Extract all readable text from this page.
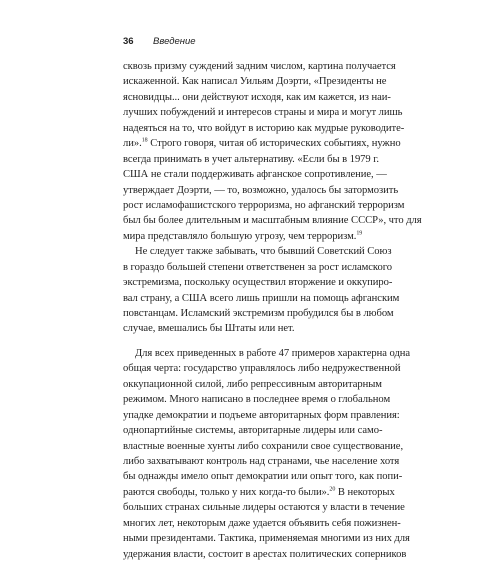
36 Введение
сквозь призму суждений задним числом, картина получается
искаженной. Как написал Уильям Доэрти, «Президенты не
ясновидцы... они действуют исходя, как им кажется, из наи-
лучших побуждений и интересов страны и мира и могут лишь
надеяться на то, что войдут в историю как мудрые руководите-
ли».$^{18}$ Строго говоря, читая об исторических событиях, нужно
всегда принимать в учет альтернативу. «Если бы в 1979 г.
США не стали поддерживать афганское сопротивление, —
утверждает Доэрти, — то, возможно, удалось бы затормозить
рост исламофашистского терроризма, но афганский терроризм
был бы более длительным и масштабным влияние СССР», что для
мира представляло большую угрозу, чем терроризм.$^{19}$
Не следует также забывать, что бывший Советский Союз
в гораздо большей степени ответственен за рост исламского
экстремизма, поскольку осуществил вторжение и оккупиро-
вал страну, а США всего лишь пришли на помощь афганским
повстанцам. Исламский экстремизм пробудился бы в любом
случае, вмешались бы Штаты или нет.
Для всех приведенных в работе 47 примеров характерна одна
общая черта: государство управлялось либо недружественной
оккупационной силой, либо репрессивным авторитарным
режимом. Много написано в последнее время о глобальном
упадке демократии и подъеме авторитарных форм правления:
однопартийные системы, авторитарные лидеры или само-
властные военные хунты либо сохранили свое существование,
либо захватывают контроль над странами, чье население хотя
бы однажды имело опыт демократии или опыт того, как попи-
раются свободы, только у них когда-то были».$^{20}$ В некоторых
больших странах сильные лидеры остаются у власти в течение
многих лет, некоторым даже удается объявить себя пожизнен-
ными президентами. Тактика, применяемая многими из них для
удержания власти, состоит в арестах политических соперников
